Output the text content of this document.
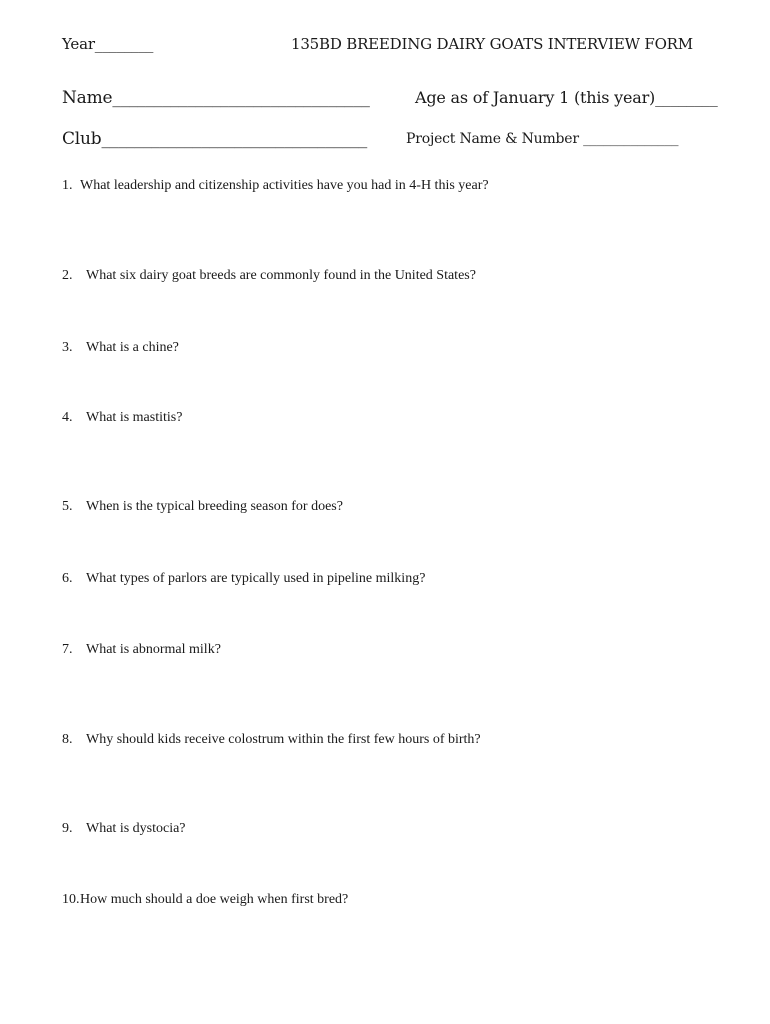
Year________	135BD BREEDING DAIRY GOATS INTERVIEW FORM
Name_______________________________	Age as of January 1 (this year)________
Club________________________________	Project Name & Number ______________
1. What leadership and citizenship activities have you had in 4-H this year?
2. What six dairy goat breeds are commonly found in the United States?
3. What is a chine?
4. What is mastitis?
5. When is the typical breeding season for does?
6. What types of parlors are typically used in pipeline milking?
7. What is abnormal milk?
8. Why should kids receive colostrum within the first few hours of birth?
9. What is dystocia?
10.How much should a doe weigh when first bred?
